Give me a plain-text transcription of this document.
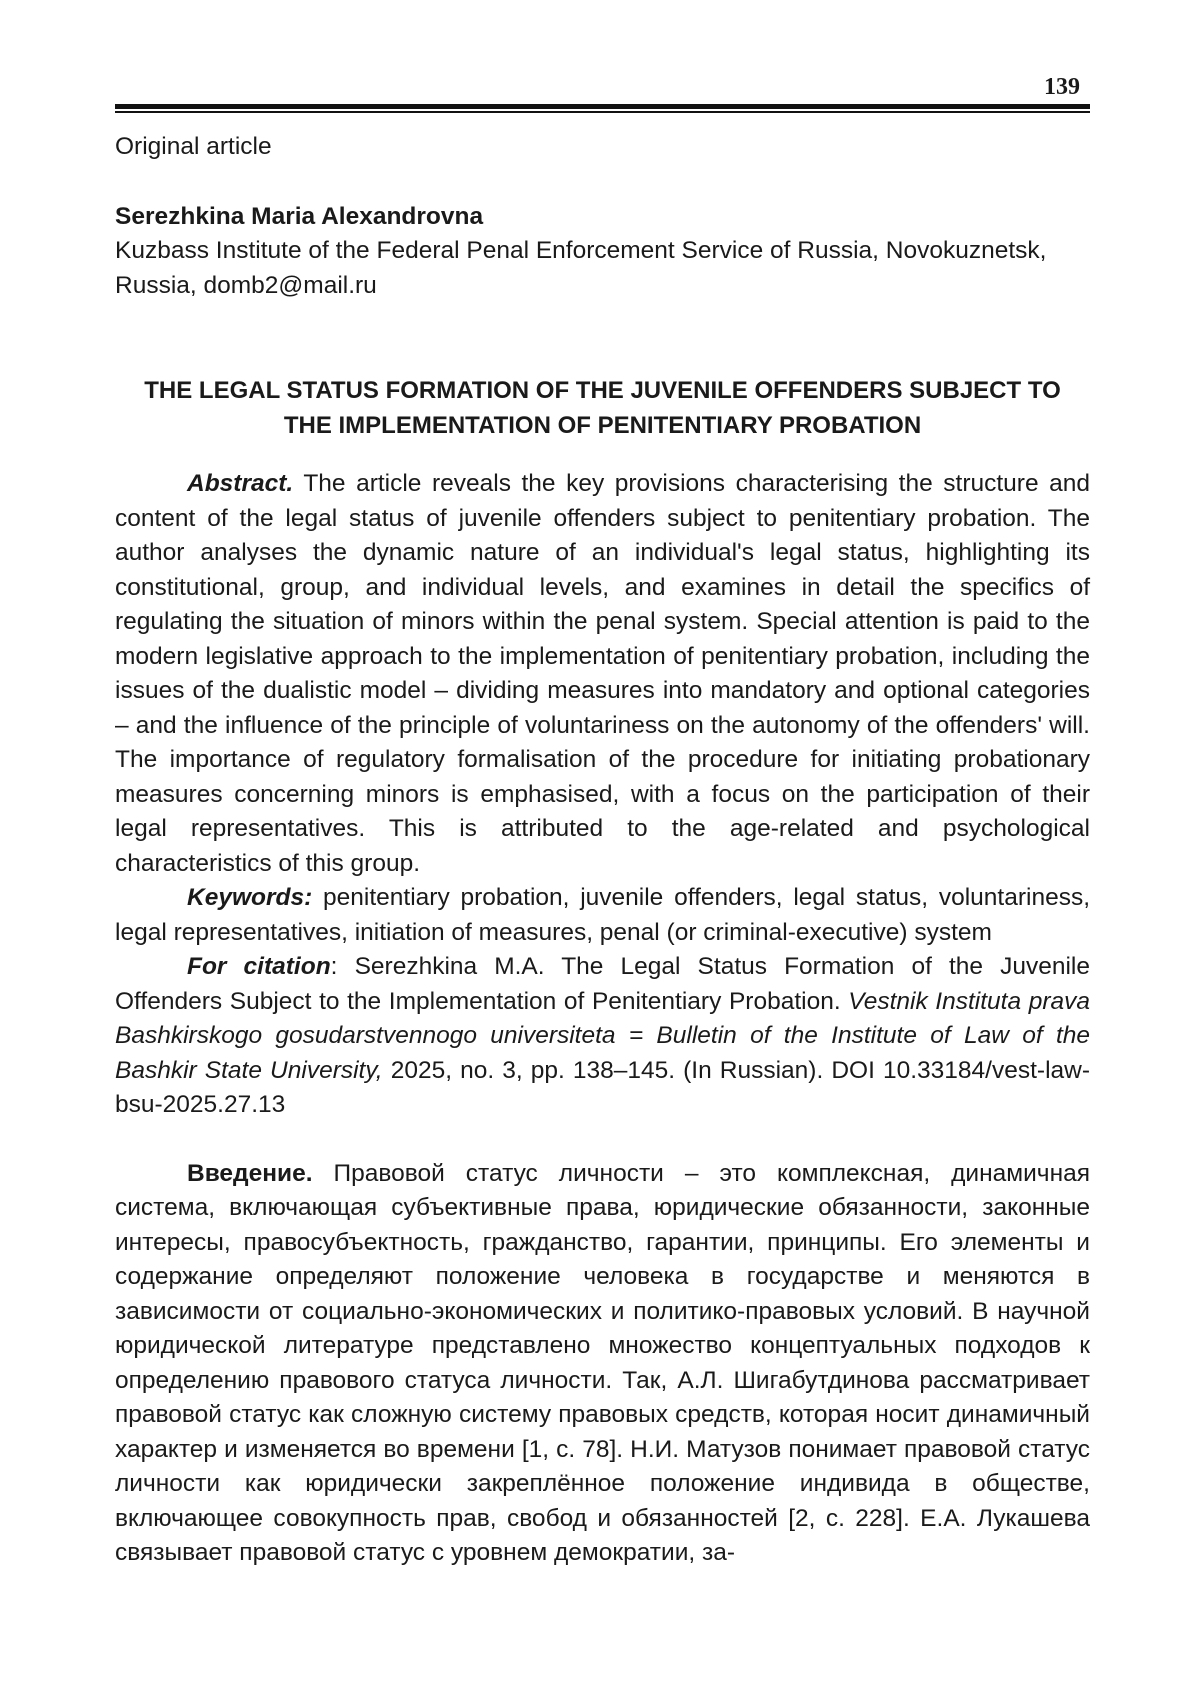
139

Original article

Serezhkina Maria Alexandrovna

Kuzbass Institute of the Federal Penal Enforcement Service of Russia, Novokuznetsk, Russia, domb2@mail.ru

THE LEGAL STATUS FORMATION OF THE JUVENILE OFFENDERS SUBJECT TO
THE IMPLEMENTATION OF PENITENTIARY PROBATION

Abstract. The article reveals the key provisions characterising the structure and content of the legal status of juvenile offenders subject to penitentiary probation. The author analyses the dynamic nature of an individual's legal status, highlighting its constitutional, group, and individual levels, and examines in detail the specifics of regulating the situation of minors within the penal system. Special attention is paid to the modern legislative approach to the implementation of penitentiary probation, including the issues of the dualistic model – dividing measures into mandatory and optional categories – and the influence of the principle of voluntariness on the autonomy of the offenders' will. The importance of regulatory formalisation of the procedure for initiating probationary measures concerning minors is emphasised, with a focus on the participation of their legal representatives. This is attributed to the age-related and psychological characteristics of this group.

Keywords: penitentiary probation, juvenile offenders, legal status, voluntariness, legal representatives, initiation of measures, penal (or criminal-executive) system

For citation: Serezhkina M.A. The Legal Status Formation of the Juvenile Offenders Subject to the Implementation of Penitentiary Probation. Vestnik Instituta prava Bashkirskogo gosudarstvennogo universiteta = Bulletin of the Institute of Law of the Bashkir State University, 2025, no. 3, pp. 138–145. (In Russian). DOI 10.33184/vest-law-bsu-2025.27.13

Введение. Правовой статус личности – это комплексная, динамичная система, включающая субъективные права, юридические обязанности, законные интересы, правосубъектность, гражданство, гарантии, принципы. Его элементы и содержание определяют положение человека в государстве и меняются в зависимости от социально-экономических и политико-правовых условий. В научной юридической литературе представлено множество концептуальных подходов к определению правового статуса личности. Так, А.Л. Шигабутдинова рассматривает правовой статус как сложную систему правовых средств, которая носит динамичный характер и изменяется во времени [1, с. 78]. Н.И. Матузов понимает правовой статус личности как юридически закреплённое положение индивида в обществе, включающее совокупность прав, свобод и обязанностей [2, с. 228]. Е.А. Лукашева связывает правовой статус с уровнем демократии, за-
